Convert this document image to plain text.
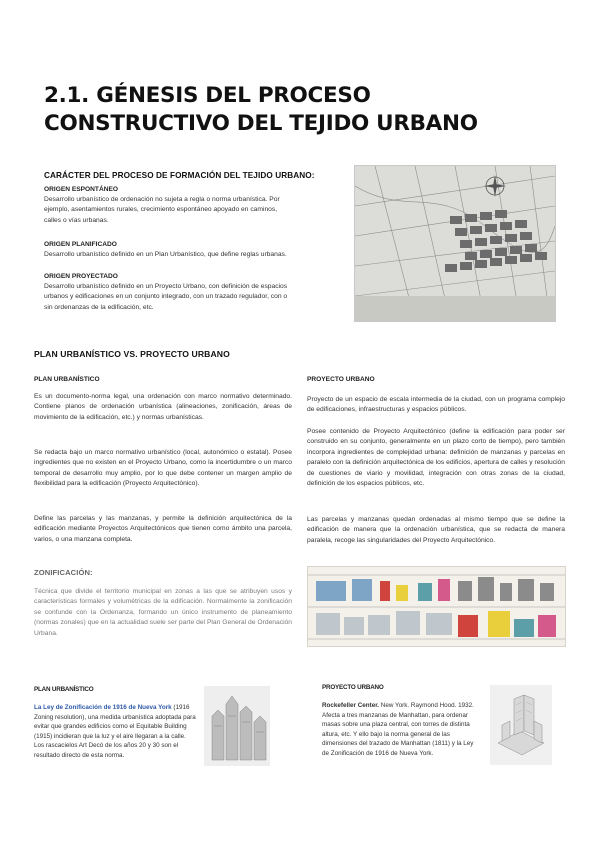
2.1. GÉNESIS DEL PROCESO
CONSTRUCTIVO DEL TEJIDO URBANO
CARÁCTER DEL PROCESO DE FORMACIÓN DEL TEJIDO URBANO:
ORIGEN ESPONTÁNEO
Desarrollo urbanístico de ordenación no sujeta a regla o norma urbanística. Por
ejemplo, asentamientos rurales, crecimiento espontáneo apoyado en caminos,
calles o vías urbanas.
ORIGEN PLANIFICADO
Desarrollo urbanístico definido en un Plan Urbanístico, que define reglas urbanas.
ORIGEN PROYECTADO
Desarrollo urbanístico definido en un Proyecto Urbano, con definición de espacios
urbanos y edificaciones en un conjunto integrado, con un trazado regulador, con o
sin ordenanzas de la edificación, etc.
PLAN URBANÍSTICO VS. PROYECTO URBANO
PLAN URBANÍSTICO
Es un documento-norma legal, una ordenación con marco normativo determinado. Contiene planos de ordenación urbanística (alineaciones, zonificación, áreas de movimiento de la edificación, etc.) y normas urbanísticas.
Se redacta bajo un marco normativo urbanístico (local, autonómico o estatal). Posee ingredientes que no existen en el Proyecto Urbano, como la incertidumbre o un marco temporal de desarrollo muy amplio, por lo que debe contener un margen amplio de flexibilidad para la edificación (Proyecto Arquitectónico).
Define las parcelas y las manzanas, y permite la definición arquitectónica de la edificación mediante Proyectos Arquitectónicos que tienen como ámbito una parcela, varios, o una manzana completa.
PROYECTO URBANO
Proyecto de un espacio de escala intermedia de la ciudad, con un programa complejo de edificaciones, infraestructuras y espacios públicos.
Posee contenido de Proyecto Arquitectónico (define la edificación para poder ser construido en su conjunto, generalmente en un plazo corto de tiempo), pero también incorpora ingredientes de complejidad urbana: definición de manzanas y parcelas en paralelo con la definición arquitectónica de los edificios, apertura de calles y resolución de cuestiones de viario y movilidad, integración con otras zonas de la ciudad, definición de los espacios públicos, etc.
Las parcelas y manzanas quedan ordenadas al mismo tiempo que se define la edificación de manera que la ordenación urbanística, que se redacta de manera paralela, recoge las singularidades del Proyecto Arquitectónico.
ZONIFICACIÓN:
Técnica que divide el territorio municipal en zonas a las que se atribuyen usos y características formales y volumétricas de la edificación. Normalmente la zonificación se confunde con la Ordenanza, formando un único instrumento de planeamiento (normas zonales) que en la actualidad suele ser parte del Plan General de Ordenación Urbana.
PLAN URBANÍSTICO
La Ley de Zonificación de 1916 de Nueva York (1916 Zoning resolution), una medida urbanística adoptada para evitar que grandes edificios como el Equitable Building (1915) incidieran que la luz y el aire llegaran a la calle. Los rascacielos Art Decó de los años 20 y 30 son el resultado directo de esta norma.
PROYECTO URBANO
Rockefeller Center. New York. Raymond Hood. 1932. Afecta a tres manzanas de Manhattan, para ordenar masas sobre una plaza central, con torres de distinta altura, etc. Y ello bajo la norma general de las dimensiones del trazado de Manhattan (1811) y la Ley de Zonificación de 1916 de Nueva York.
